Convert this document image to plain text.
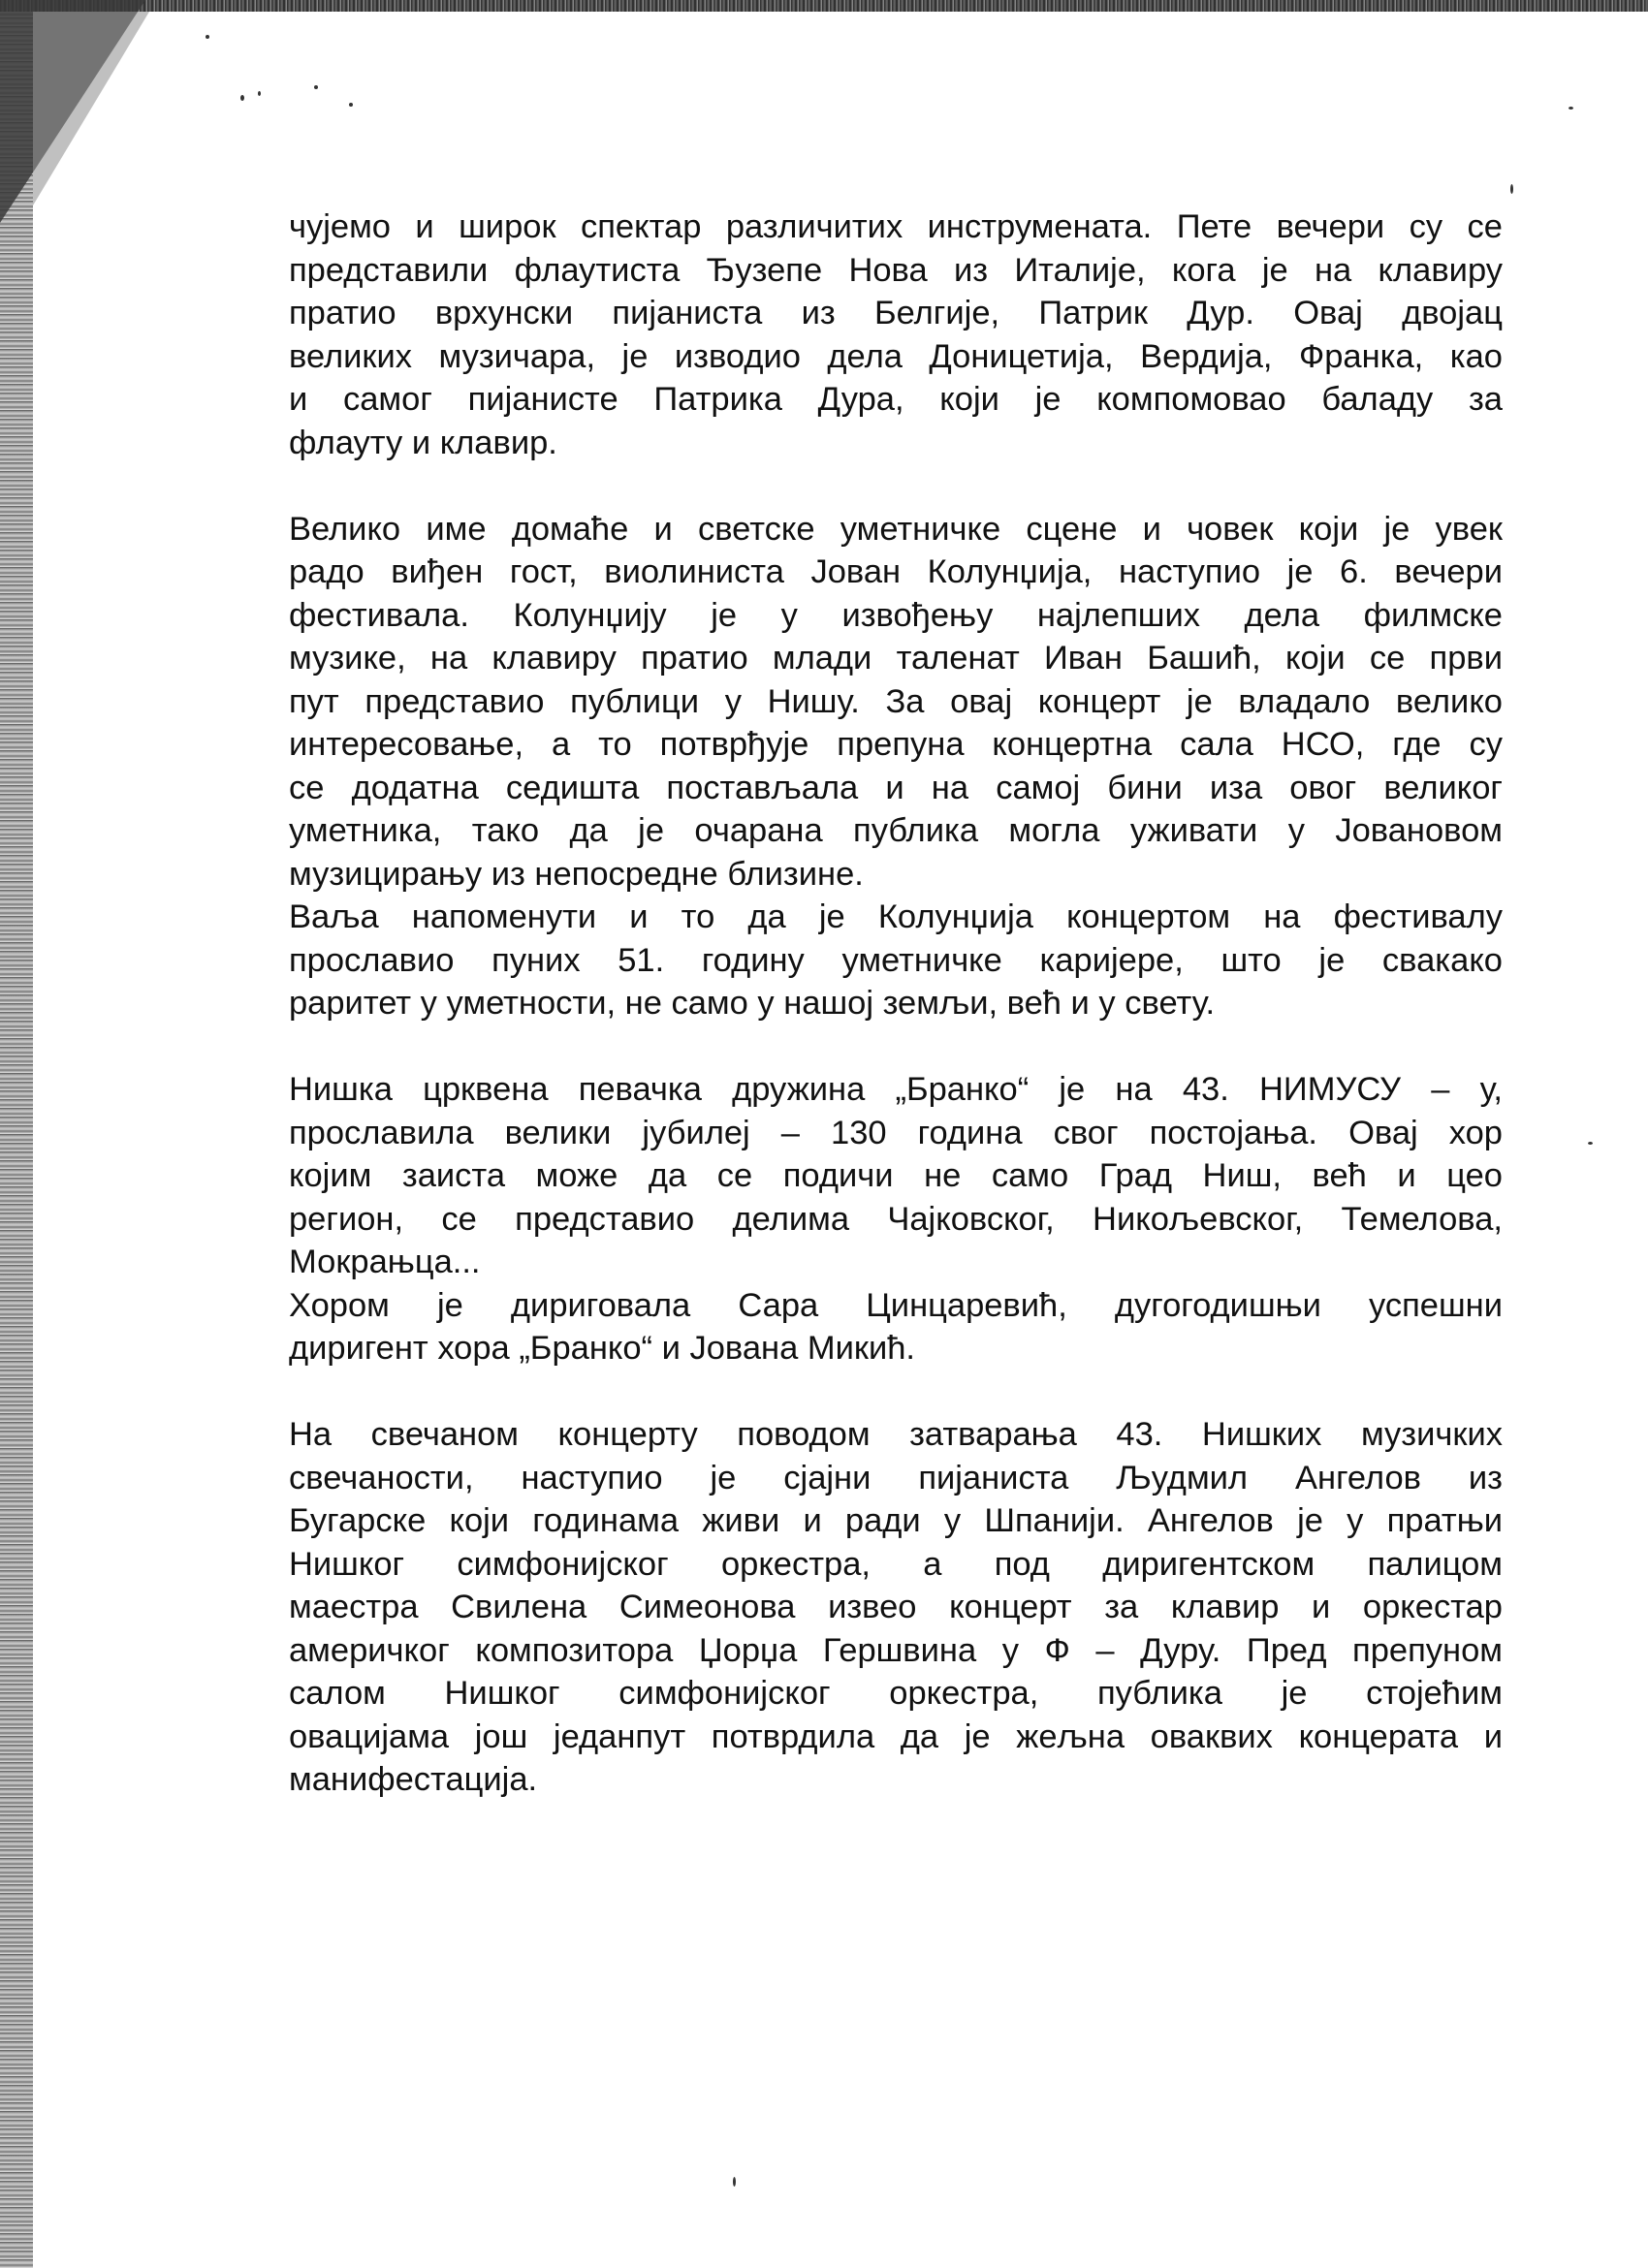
чујемо и широк спектар различитих инструмената. Пете вечери су се
представили флаутиста Ђузепе Нова из Италије, кога је на клавиру
пратио врхунски пијаниста из Белгије, Патрик Дур. Овај двојац
великих музичара, је изводио дела Доницетија, Вердија, Франка, као
и самог пијанисте Патрика Дура, који је компомовао баладу за
флауту и клавир.

Велико име домаће и светске уметничке сцене и човек који је увек
радо виђен гост, виолиниста Јован Колунџија, наступио је 6. вечери
фестивала. Колунџију је у извођењу најлепших дела филмске
музике, на клавиру пратио млади таленат Иван Башић, који се први
пут представио публици у Нишу. За овај концерт је владало велико
интересовање, а то потврђује препуна концертна сала НСО, где су
се додатна седишта постављала и на самој бини иза овог великог
уметника, тако да је очарана публика могла уживати у Јовановом
музицирању из непосредне близине.

Ваља напоменути и то да је Колунџија концертом на фестивалу
прославио пуних 51. годину уметничке каријере, што је свакако
раритет у уметности, не само у нашој земљи, већ и у свету.

Нишка црквена певачка дружина „Бранко“ је на 43. НИМУСУ – у,
прославила велики јубилеј – 130 година свог постојања. Овај хор
којим заиста може да се подичи не само Град Ниш, већ и цео
регион, се представио делима Чајковског, Никољевског, Темелова,
Мокрањца...

Хором је дириговала Сара Цинцаревић, дугогодишњи успешни
диригент хора „Бранко“ и Јована Микић.

На свечаном концерту поводом затварања 43. Нишких музичких
свечаности, наступио је сјајни пијаниста Људмил Ангелов из
Бугарске који годинама живи и ради у Шпанији. Ангелов је у пратњи
Нишког симфонијског оркестра, а под диригентском палицом
маестра Свилена Симеонова извео концерт за клавир и оркестар
америчког композитора Џорџа Гершвина у Ф – Дуру. Пред препуном
салом Нишког симфонијског оркестра, публика је стојећим
овацијама још једанпут потврдила да је жељна оваквих концерата и
манифестација.
